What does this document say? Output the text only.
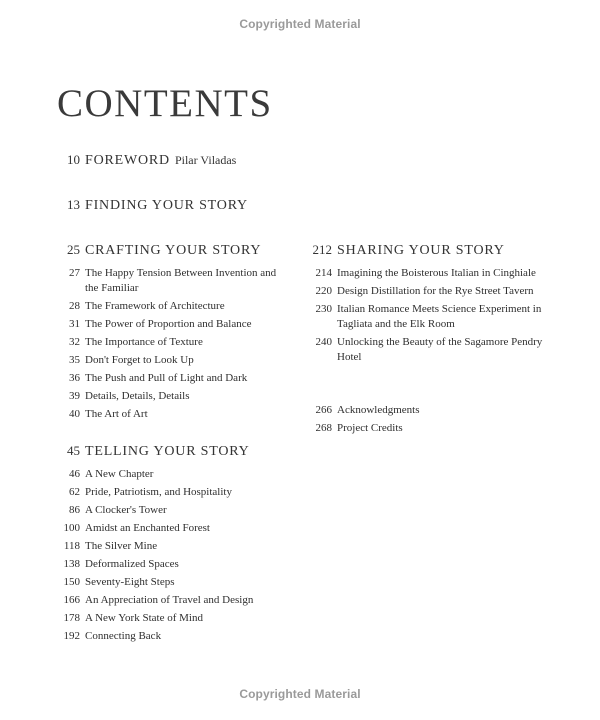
Copyrighted Material
CONTENTS
10 FOREWORD Pilar Viladas
13 FINDING YOUR STORY
25 CRAFTING YOUR STORY
27 The Happy Tension Between Invention and the Familiar
28 The Framework of Architecture
31 The Power of Proportion and Balance
32 The Importance of Texture
35 Don't Forget to Look Up
36 The Push and Pull of Light and Dark
39 Details, Details, Details
40 The Art of Art
45 TELLING YOUR STORY
46 A New Chapter
62 Pride, Patriotism, and Hospitality
86 A Clocker's Tower
100 Amidst an Enchanted Forest
118 The Silver Mine
138 Deformalized Spaces
150 Seventy-Eight Steps
166 An Appreciation of Travel and Design
178 A New York State of Mind
192 Connecting Back
212 SHARING YOUR STORY
214 Imagining the Boisterous Italian in Cinghiale
220 Design Distillation for the Rye Street Tavern
230 Italian Romance Meets Science Experiment in Tagliata and the Elk Room
240 Unlocking the Beauty of the Sagamore Pendry Hotel
266 Acknowledgments
268 Project Credits
Copyrighted Material
